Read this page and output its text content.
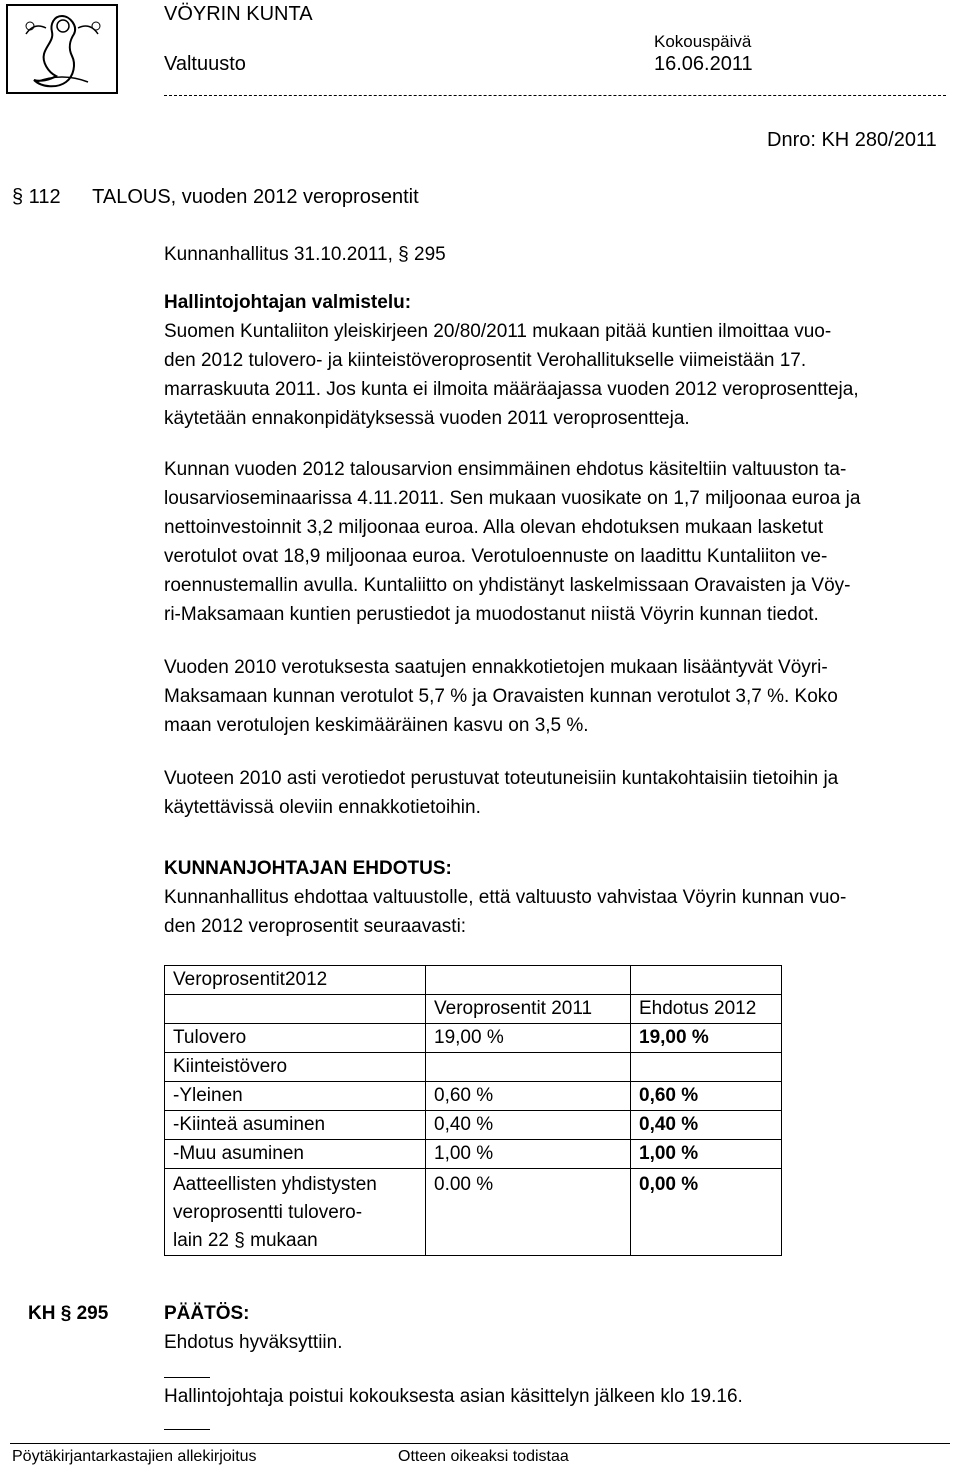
VÖYRIN KUNTA
Valtuusto
Kokouspäivä
16.06.2011
Dnro: KH 280/2011
§ 112 TALOUS, vuoden 2012 veroprosentit

Kunnanhallitus 31.10.2011, § 295

Hallintojohtajan valmistelu:

Suomen Kuntaliiton yleiskirjeen 20/80/2011 mukaan pitää kuntien ilmoittaa vuo-

den 2012 tulovero- ja kiinteistöveroprosentit Verohallitukselle viimeistään 17.

marraskuuta 2011. Jos kunta ei ilmoita määräajassa vuoden 2012 veroprosentteja,

käytetään ennakonpidätyksessä vuoden 2011 veroprosentteja.

Kunnan vuoden 2012 talousarvion ensimmäinen ehdotus käsiteltiin valtuuston ta-

lousarvioseminaarissa 4.11.2011. Sen mukaan vuosikate on 1,7 miljoonaa euroa ja

nettoinvestoinnit 3,2 miljoonaa euroa. Alla olevan ehdotuksen mukaan lasketut

verotulot ovat 18,9 miljoonaa euroa. Verotuloennuste on laadittu Kuntaliiton ve-

roennustemallin avulla. Kuntaliitto on yhdistänyt laskelmissaan Oravaisten ja Vöy-

ri-Maksamaan kuntien perustiedot ja muodostanut niistä Vöyrin kunnan tiedot.

Vuoden 2010 verotuksesta saatujen ennakkotietojen mukaan lisääntyvät Vöyri-

Maksamaan kunnan verotulot 5,7 % ja Oravaisten kunnan verotulot 3,7 %. Koko

maan verotulojen keskimääräinen kasvu on 3,5 %.

Vuoteen 2010 asti verotiedot perustuvat toteutuneisiin kuntakohtaisiin tietoihin ja

käytettävissä oleviin ennakkotietoihin.

KUNNANJOHTAJAN EHDOTUS:

Kunnanhallitus ehdottaa valtuustolle, että valtuusto vahvistaa Vöyrin kunnan vuo-

den 2012 veroprosentit seuraavasti:

Veroprosentit2012		
	Veroprosentit 2011	Ehdotus 2012
Tulovero	19,00 %	19,00 %
Kiinteistövero		
-Yleinen	0,60 %	0,60 %
-Kiinteä asuminen	0,40 %	0,40 %
-Muu asuminen	1,00 %	1,00 %

Aatteellisten yhdistysten
veroprosentti tulovero-
lain 22 § mukaan	0.00 %	0,00 %
KH § 295	PÄÄTÖS:

Ehdotus hyväksyttiin.

Hallintojohtaja poistui kokouksesta asian käsittelyn jälkeen klo 19.16.

Pöytäkirjantarkastajien allekirjoitus	Otteen oikeaksi todistaa
